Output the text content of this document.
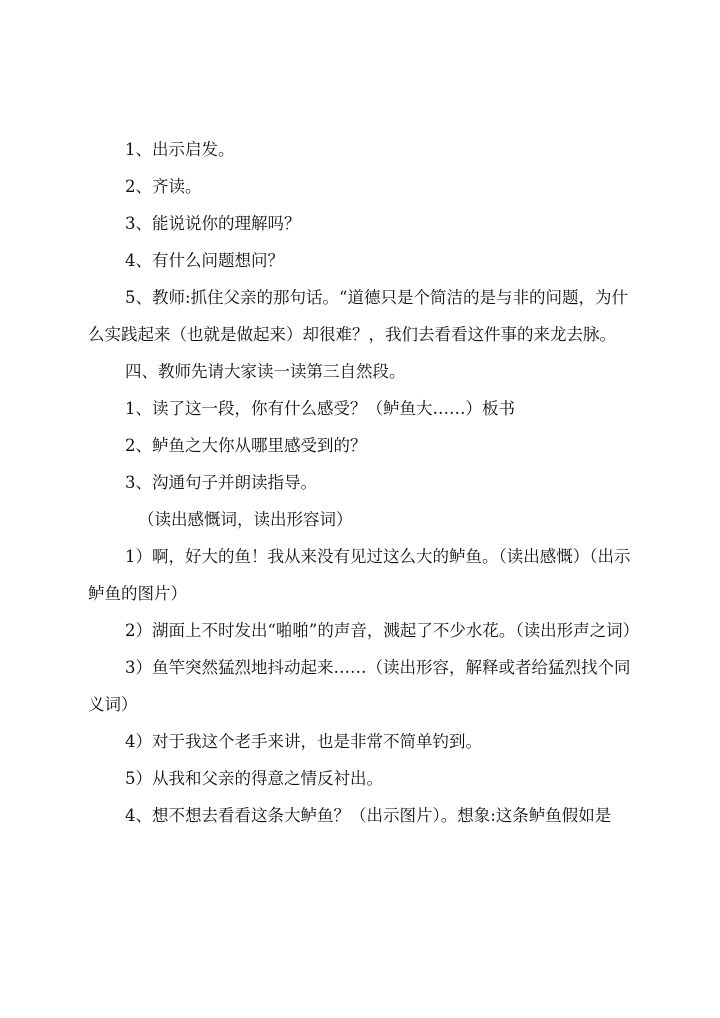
1、出示启发。

2、齐读。

3、能说说你的理解吗？

4、有什么问题想问？

5、教师:抓住父亲的那句话。“道德只是个简洁的是与非的问题，为什么实践起来（也就是做起来）却很难？，我们去看看这件事的来龙去脉。

四、教师先请大家读一读第三自然段。

1、读了这一段，你有什么感受？（鲈鱼大……）板书

2、鲈鱼之大你从哪里感受到的？

3、沟通句子并朗读指导。

（读出感慨词，读出形容词）

1）啊，好大的鱼！我从来没有见过这么大的鲈鱼。（读出感慨）（出示鲈鱼的图片）

2）湖面上不时发出“啪啪”的声音，溅起了不少水花。（读出形声之词）

3）鱼竿突然猛烈地抖动起来……（读出形容，解释或者给猛烈找个同义词）

4）对于我这个老手来讲，也是非常不简单钓到。

5）从我和父亲的得意之情反衬出。

4、想不想去看看这条大鲈鱼？（出示图片）。想象:这条鲈鱼假如是
